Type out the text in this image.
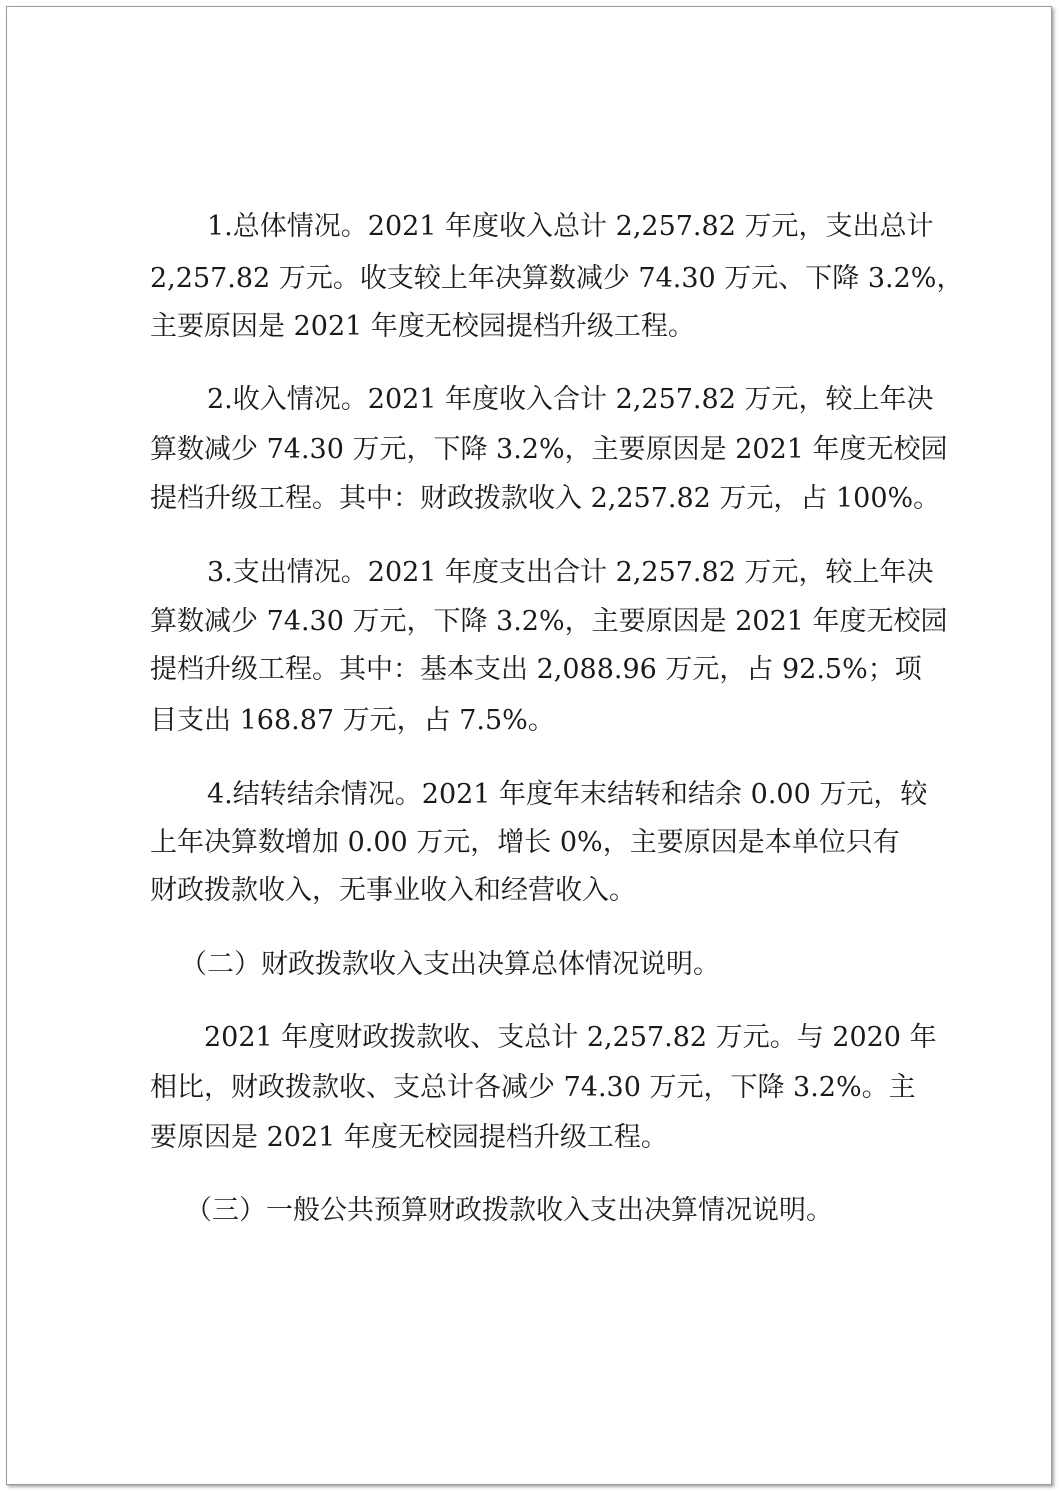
1.总体情况。2021 年度收入总计 2,257.82 万元，支出总计
2,257.82 万元。收支较上年决算数减少 74.30 万元、下降 3.2%，
主要原因是 2021 年度无校园提档升级工程。
2.收入情况。2021 年度收入合计 2,257.82 万元，较上年决
算数减少 74.30 万元，下降 3.2%，主要原因是 2021 年度无校园
提档升级工程。其中：财政拨款收入 2,257.82 万元，占 100%。
3.支出情况。2021 年度支出合计 2,257.82 万元，较上年决
算数减少 74.30 万元，下降 3.2%，主要原因是 2021 年度无校园
提档升级工程。其中：基本支出 2,088.96 万元，占 92.5%；项
目支出 168.87 万元，占 7.5%。
4.结转结余情况。2021 年度年末结转和结余 0.00 万元，较
上年决算数增加 0.00 万元，增长 0%，主要原因是本单位只有
财政拨款收入，无事业收入和经营收入。
（二）财政拨款收入支出决算总体情况说明。
2021 年度财政拨款收、支总计 2,257.82 万元。与 2020 年
相比，财政拨款收、支总计各减少 74.30 万元，下降 3.2%。主
要原因是 2021 年度无校园提档升级工程。
（三）一般公共预算财政拨款收入支出决算情况说明。
